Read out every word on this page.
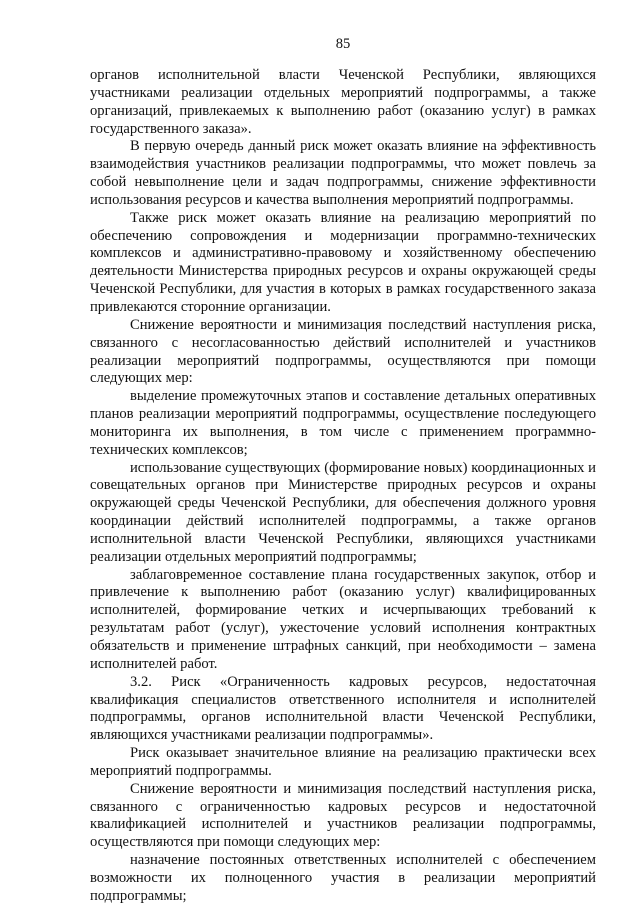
85

органов исполнительной власти Чеченской Республики, являющихся участниками реализации отдельных мероприятий подпрограммы, а также организаций, привлекаемых к выполнению работ (оказанию услуг) в рамках государственного заказа».

В первую очередь данный риск может оказать влияние на эффективность взаимодействия участников реализации подпрограммы, что может повлечь за собой невыполнение цели и задач подпрограммы, снижение эффективности использования ресурсов и качества выполнения мероприятий подпрограммы.

Также риск может оказать влияние на реализацию мероприятий по обеспечению сопровождения и модернизации программно-технических комплексов и административно-правовому и хозяйственному обеспечению деятельности Министерства природных ресурсов и охраны окружающей среды Чеченской Республики, для участия в которых в рамках государственного заказа привлекаются сторонние организации.

Снижение вероятности и минимизация последствий наступления риска, связанного с несогласованностью действий исполнителей и участников реализации мероприятий подпрограммы, осуществляются при помощи следующих мер:

выделение промежуточных этапов и составление детальных оперативных планов реализации мероприятий подпрограммы, осуществление последующего мониторинга их выполнения, в том числе с применением программно-технических комплексов;

использование существующих (формирование новых) координационных и совещательных органов при Министерстве природных ресурсов и охраны окружающей среды Чеченской Республики, для обеспечения должного уровня координации действий исполнителей подпрограммы, а также органов исполнительной власти Чеченской Республики, являющихся участниками реализации отдельных мероприятий подпрограммы;

заблаговременное составление плана государственных закупок, отбор и привлечение к выполнению работ (оказанию услуг) квалифицированных исполнителей, формирование четких и исчерпывающих требований к результатам работ (услуг), ужесточение условий исполнения контрактных обязательств и применение штрафных санкций, при необходимости – замена исполнителей работ.

3.2. Риск «Ограниченность кадровых ресурсов, недостаточная квалификация специалистов ответственного исполнителя и исполнителей подпрограммы, органов исполнительной власти Чеченской Республики, являющихся участниками реализации подпрограммы».

Риск оказывает значительное влияние на реализацию практически всех мероприятий подпрограммы.

Снижение вероятности и минимизация последствий наступления риска, связанного с ограниченностью кадровых ресурсов и недостаточной квалификацией исполнителей и участников реализации подпрограммы, осуществляются при помощи следующих мер:

назначение постоянных ответственных исполнителей с обеспечением возможности их полноценного участия в реализации мероприятий подпрограммы;
